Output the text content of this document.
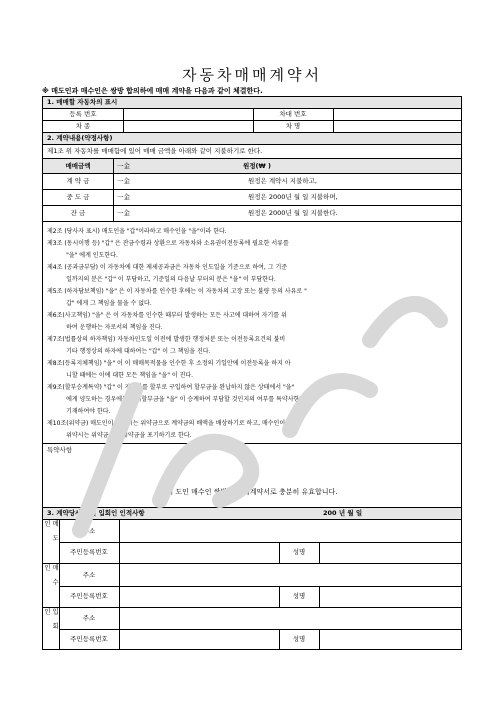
자동차매매계약서
※ 매도인과 매수인은 쌍방 합의하에 매매 계약을 다음과 같이 체결한다.
1. 매매할 자동차의 표시
등록 번호	차대 번호
차 종	차 명
2. 계약내용(약정사항)
제1조 위 자동차를 매매함에 있어 매매 금액을 아래와 같이 지불하기로 한다.
매매금액	一金	원정(₩ )
계 약 금	一金	원정은 계약시 지불하고,
중 도 금	一金	원정은 2000년 월 일 지불하며,
잔 금	一金	원정은 2000년 월 일 지불한다.
제2조 (당사자 표시) 매도인을 "갑"이라하고 매수인을 "을"이라 한다.
제3조 (동시이행 등) "갑" 은 잔금수령과 상환으로 자동차와 소유권이전등록에 필요한 서류를
"을" 에게 인도한다.
제4조 (공과금부담) 이 자동차에 대한 제세공과금은 자동차 인도일을 기준으로 하여, 그 기준
일까지의 분은 "갑" 이 부담하고, 기준일의 다음날 부터의 분은 "을" 이 부담한다.
제5조 (하자담보책임) "을" 은 이 자동차를 인수한 후에는 이 자동차의 고장 또는 불량 등의 사유로 "
갑" 에게 그 책임을 물을 수 없다.
제6조(사고책임) "을" 은 이 자동차를 인수한 때부터 발생하는 모든 사고에 대하여 자기를 위
하여 운행하는 자로서의 책임을 진다.
제7조(법률상의 하자책임) 자동차인도일 이전에 발생한 행정처분 또는 이전등록요건의 불비
기타 행정상의 하자에 대하여는 "갑" 이 그 책임을 진다.
제8조(등록지체책임) "을" 이 이 매매목적물을 인수한 후 소정의 기일안에 이전등록을 하지 아
니할 때에는 이에 대한 모든 책임을 "을" 이 진다.
제9조(할부승계특약) "갑" 이 자동차를 할부로 구입하여 할부금을 완납하지 않은 상태에서 "을"
에게 양도하는 경우에는 잔여할부금을 "을" 이 승계하여 부담할 것인지의 여부를 특약사항란에
기재하여야 한다.
제10조(위약금) 매도인이 위약시는 위약금으로 계약금의 배액을 배상하기로 하고, 매수인이
위약시는 위약금으로 계약금을 포기하기로 한다.
특약사항
이 도인 매수인 쌍방의 매매계약서로 충분히 유효합니다.
3. 계약당사자 및 입회인 인적사항	200 년 월 일
매도인	주소
주민등록번호	성명
매수인	주소
주민등록번호	성명
입회인	주소
주민등록번호	성명
